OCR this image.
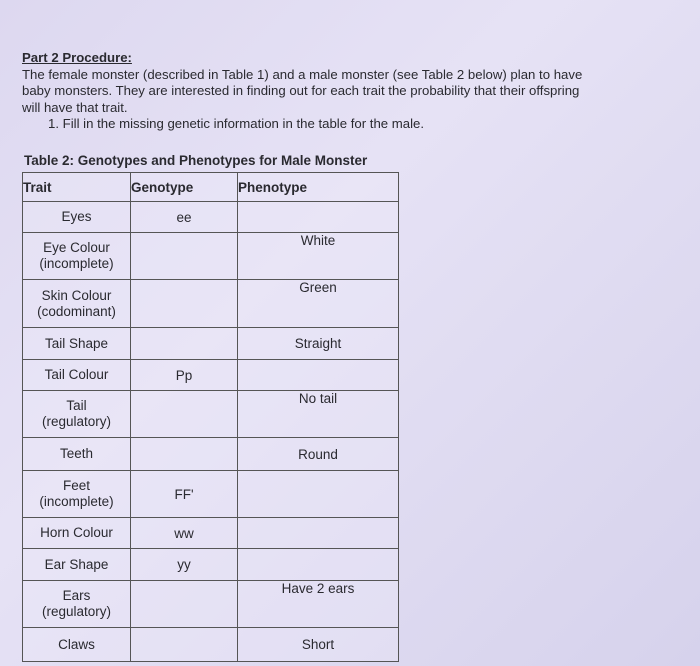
Part 2 Procedure:
The female monster (described in Table 1) and a male monster (see Table 2 below) plan to have
baby monsters. They are interested in finding out for each trait the probability that their offspring
will have that trait.
1. Fill in the missing genetic information in the table for the male.
Table 2: Genotypes and Phenotypes for Male Monster
Trait	Genotype	Phenotype
Eyes	ee	

Eye Colour
(incomplete)		White

Skin Colour
(codominant)		Green
Tail Shape		Straight
Tail Colour	Pp	

Tail
(regulatory)		No tail
Teeth		Round

Feet
(incomplete)	FF'	
Horn Colour	ww	
Ear Shape	yy	

Ears
(regulatory)		Have 2 ears
Claws		Short
